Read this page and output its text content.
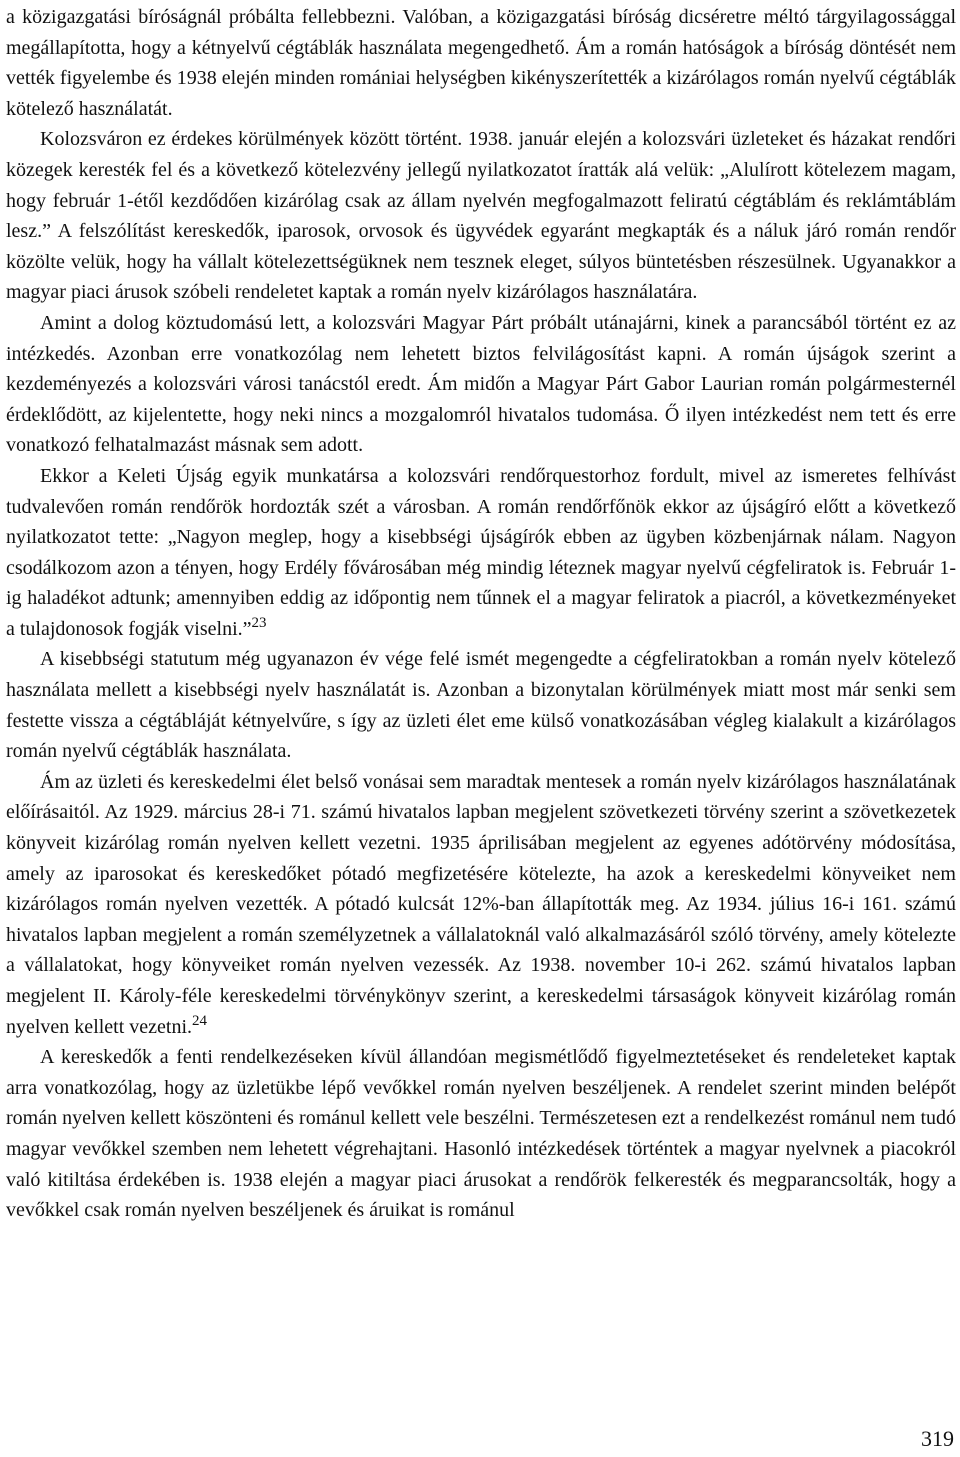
a közigazgatási bíróságnál próbálta fellebbezni. Valóban, a közigazgatási bíróság dicséretre méltó tárgyilagossággal megállapította, hogy a kétnyelvű cégtáblák használata megengedhető. Ám a román hatóságok a bíróság döntését nem vették figyelembe és 1938 elején minden romániai helységben kikényszerítették a kizárólagos román nyelvű cégtáblák kötelező használatát.

Kolozsváron ez érdekes körülmények között történt. 1938. január elején a kolozsvári üzleteket és házakat rendőri közegek keresték fel és a következő kötelezvény jellegű nyilatkozatot íratták alá velük: „Alulírott kötelezem magam, hogy február 1-étől kezdődően kizárólag csak az állam nyelvén megfogalmazott feliratú cégtáblám és reklámtáblám lesz.” A felszólítást kereskedők, iparosok, orvosok és ügyvédek egyaránt megkapták és a náluk járó román rendőr közölte velük, hogy ha vállalt kötelezettségüknek nem tesznek eleget, súlyos büntetésben részesülnek. Ugyanakkor a magyar piaci árusok szóbeli rendeletet kaptak a román nyelv kizárólagos használatára.

Amint a dolog köztudomású lett, a kolozsvári Magyar Párt próbált utánajárni, kinek a parancsából történt ez az intézkedés. Azonban erre vonatkozólag nem lehetett biztos felvilágosítást kapni. A román újságok szerint a kezdeményezés a kolozsvári városi tanácstól eredt. Ám midőn a Magyar Párt Gabor Laurian román polgármesternél érdeklődött, az kijelentette, hogy neki nincs a mozgalomról hivatalos tudomása. Ő ilyen intézkedést nem tett és erre vonatkozó felhatalmazást másnak sem adott.

Ekkor a Keleti Újság egyik munkatársa a kolozsvári rendőrquestorhoz fordult, mivel az ismeretes felhívást tudvalevően román rendőrök hordozták szét a városban. A román rendőrfőnök ekkor az újságíró előtt a következő nyilatkozatot tette: „Nagyon meglep, hogy a kisebbségi újságírók ebben az ügyben közbenjárnak nálam. Nagyon csodálkozom azon a tényen, hogy Erdély fővárosában még mindig léteznek magyar nyelvű cégfeliratok is. Február 1-ig haladékot adtunk; amennyiben eddig az időpontig nem tűnnek el a magyar feliratok a piacról, a következményeket a tulajdonosok fogják viselni.”$^{23}$

A kisebbségi statutum még ugyanazon év vége felé ismét megengedte a cégfeliratokban a román nyelv kötelező használata mellett a kisebbségi nyelv használatát is. Azonban a bizonytalan körülmények miatt most már senki sem festette vissza a cégtábláját kétnyelvűre, s így az üzleti élet eme külső vonatkozásában végleg kialakult a kizárólagos román nyelvű cégtáblák használata.

Ám az üzleti és kereskedelmi élet belső vonásai sem maradtak mentesek a román nyelv kizárólagos használatának előírásaitól. Az 1929. március 28-i 71. számú hivatalos lapban megjelent szövetkezeti törvény szerint a szövetkezetek könyveit kizárólag román nyelven kellett vezetni. 1935 áprilisában megjelent az egyenes adótörvény módosítása, amely az iparosokat és kereskedőket pótadó megfizetésére kötelezte, ha azok a kereskedelmi könyveiket nem kizárólagos román nyelven vezették. A pótadó kulcsát 12%-ban állapították meg. Az 1934. július 16-i 161. számú hivatalos lapban megjelent a román személyzetnek a vállalatoknál való alkalmazásáról szóló törvény, amely kötelezte a vállalatokat, hogy könyveiket román nyelven vezessék. Az 1938. november 10-i 262. számú hivatalos lapban megjelent II. Károly-féle kereskedelmi törvénykönyv szerint, a kereskedelmi társaságok könyveit kizárólag román nyelven kellett vezetni.$^{24}$

A kereskedők a fenti rendelkezéseken kívül állandóan megismétlődő figyelmeztetéseket és rendeleteket kaptak arra vonatkozólag, hogy az üzletükbe lépő vevőkkel román nyelven beszéljenek. A rendelet szerint minden belépőt román nyelven kellett köszönteni és románul kellett vele beszélni. Természetesen ezt a rendelkezést románul nem tudó magyar vevőkkel szemben nem lehetett végrehajtani. Hasonló intézkedések történtek a magyar nyelvnek a piacokról való kitiltása érdekében is. 1938 elején a magyar piaci árusokat a rendőrök felkeresték és megparancsolták, hogy a vevőkkel csak román nyelven beszéljenek és áruikat is románul

319
